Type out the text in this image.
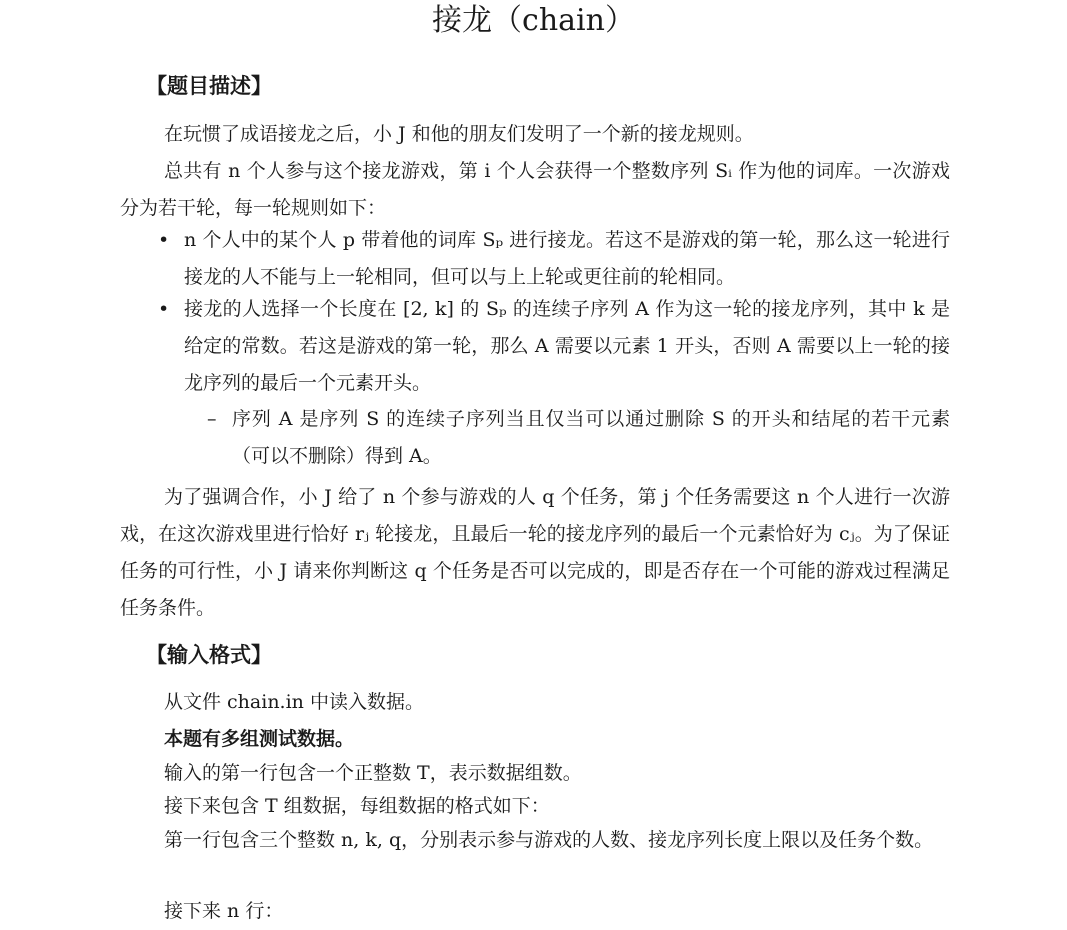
接龙（chain）
【题目描述】
在玩惯了成语接龙之后，小 J 和他的朋友们发明了一个新的接龙规则。
总共有 n 个人参与这个接龙游戏，第 i 个人会获得一个整数序列 Sᵢ 作为他的词库。一次游戏分为若干轮，每一轮规则如下：
• n 个人中的某个人 p 带着他的词库 Sₚ 进行接龙。若这不是游戏的第一轮，那么这一轮进行接龙的人不能与上一轮相同，但可以与上上轮或更往前的轮相同。
• 接龙的人选择一个长度在 [2, k] 的 Sₚ 的连续子序列 A 作为这一轮的接龙序列，其中 k 是给定的常数。若这是游戏的第一轮，那么 A 需要以元素 1 开头，否则 A 需要以上一轮的接龙序列的最后一个元素开头。
– 序列 A 是序列 S 的连续子序列当且仅当可以通过删除 S 的开头和结尾的若干元素（可以不删除）得到 A。
为了强调合作，小 J 给了 n 个参与游戏的人 q 个任务，第 j 个任务需要这 n 个人进行一次游戏，在这次游戏里进行恰好 rⱼ 轮接龙，且最后一轮的接龙序列的最后一个元素恰好为 cⱼ。为了保证任务的可行性，小 J 请来你判断这 q 个任务是否可以完成的，即是否存在一个可能的游戏过程满足任务条件。
【输入格式】
从文件 chain.in 中读入数据。
本题有多组测试数据。
输入的第一行包含一个正整数 T，表示数据组数。
接下来包含 T 组数据，每组数据的格式如下：
第一行包含三个整数 n, k, q，分别表示参与游戏的人数、接龙序列长度上限以及任务个数。
接下来 n 行：
